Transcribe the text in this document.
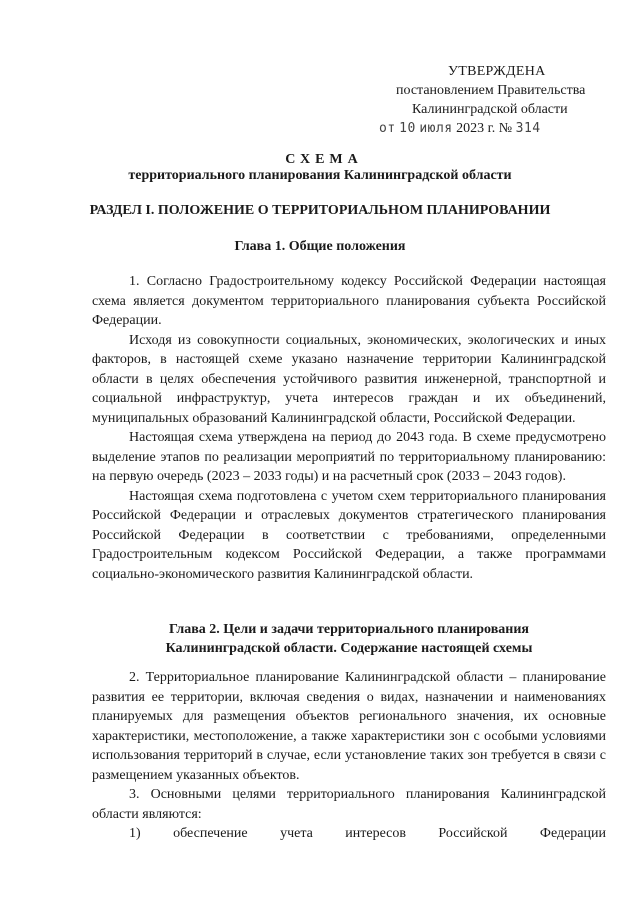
УТВЕРЖДЕНА
постановлением Правительства
Калининградской области
от 10 июля 2023 г. № 314
СХЕМА
территориального планирования Калининградской области
РАЗДЕЛ I. ПОЛОЖЕНИЕ О ТЕРРИТОРИАЛЬНОМ ПЛАНИРОВАНИИ
Глава 1. Общие положения

1. Согласно Градостроительному кодексу Российской Федерации настоящая схема является документом территориального планирования субъекта Российской Федерации.

Исходя из совокупности социальных, экономических, экологических и иных факторов, в настоящей схеме указано назначение территории Калининградской области в целях обеспечения устойчивого развития инженерной, транспортной и социальной инфраструктур, учета интересов граждан и их объединений, муниципальных образований Калининградской области, Российской Федерации.

Настоящая схема утверждена на период до 2043 года. В схеме предусмотрено выделение этапов по реализации мероприятий по территориальному планированию: на первую очередь (2023 – 2033 годы) и на расчетный срок (2033 – 2043 годов).

Настоящая схема подготовлена с учетом схем территориального планирования Российской Федерации и отраслевых документов стратегического планирования Российской Федерации в соответствии с требованиями, определенными Градостроительным кодексом Российской Федерации, а также программами социально-экономического развития Калининградской области.

Глава 2. Цели и задачи территориального планирования
Калининградской области. Содержание настоящей схемы

2. Территориальное планирование Калининградской области – планирование развития ее территории, включая сведения о видах, назначении и наименованиях планируемых для размещения объектов регионального значения, их основные характеристики, местоположение, а также характеристики зон с особыми условиями использования территорий в случае, если установление таких зон требуется в связи с размещением указанных объектов.

3. Основными целями территориального планирования Калининградской области являются:

1) обеспечение учета интересов Российской Федерации
